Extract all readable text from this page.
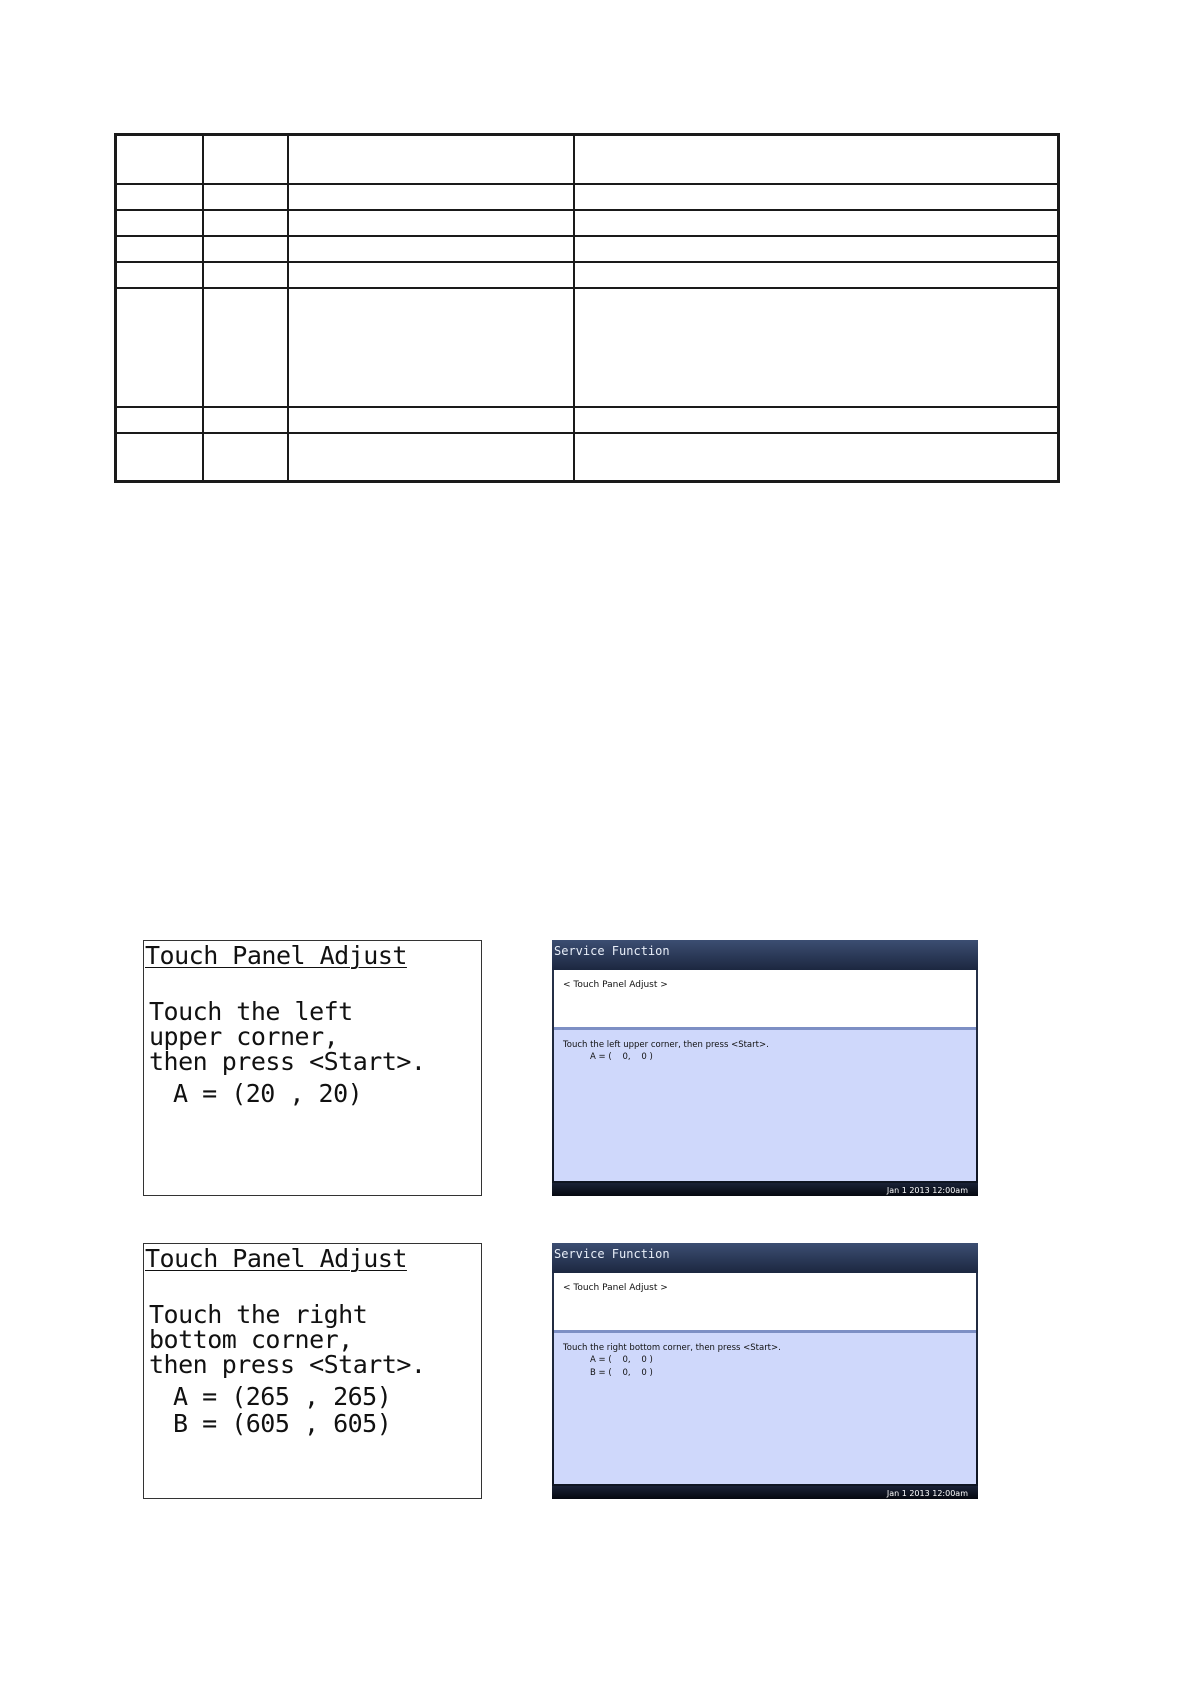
Touch Panel Adjust
Touch the left
upper corner,
then press <Start>.
A = (20 , 20)
Service Function
< Touch Panel Adjust >
Touch the left upper corner, then press <Start>.
A = (    0,    0 )
Jan 1 2013 12:00am
Touch Panel Adjust
Touch the right
bottom corner,
then press <Start>.
A = (265 , 265)
B = (605 , 605)
Service Function
< Touch Panel Adjust >
Touch the right bottom corner, then press <Start>.
A = (    0,    0 )
B = (    0,    0 )
Jan 1 2013 12:00am
